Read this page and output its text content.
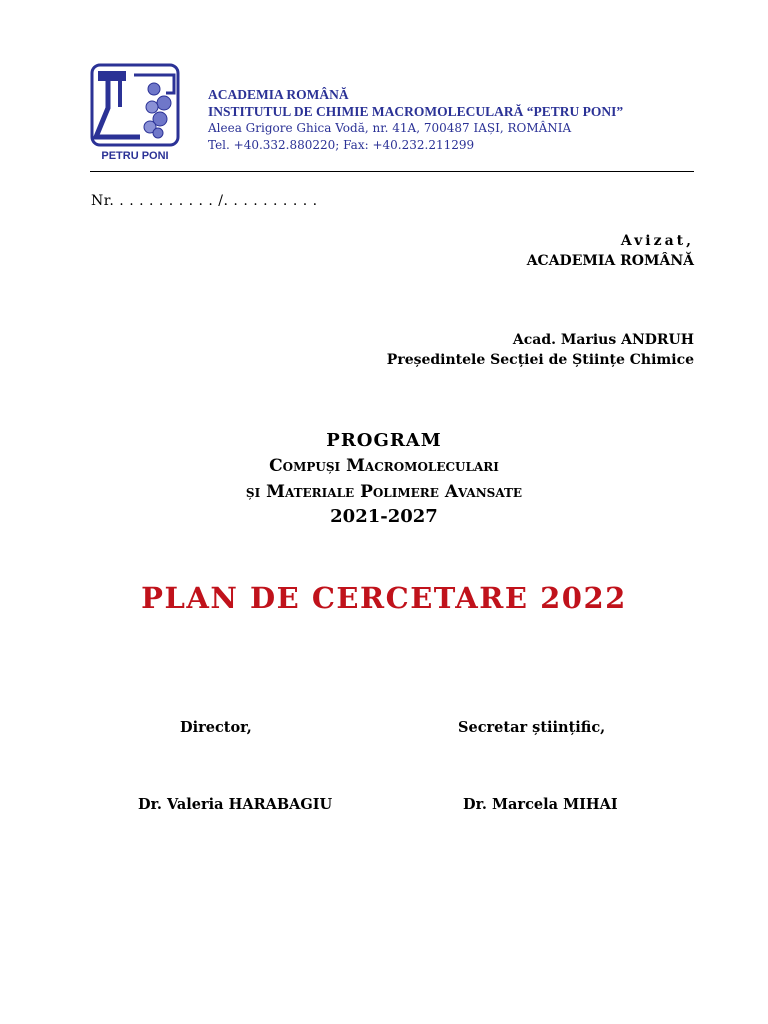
PETRU PONI
ACADEMIA ROMÂNĂ
INSTITUTUL DE CHIMIE MACROMOLECULARĂ “PETRU PONI”
Aleea Grigore Ghica Vodă, nr. 41A, 700487 IAȘI, ROMÂNIA
Tel. +40.332.880220; Fax: +40.232.211299
Nr. . . . . . . . . . . /. . . . . . . . . .
Avizat,
ACADEMIA ROMÂNĂ
Acad. Marius ANDRUH
Președintele Secției de Științe Chimice
PROGRAM
Compuși Macromoleculari
și Materiale Polimere Avansate
2021-2027
PLAN DE CERCETARE 2022
Director,	Secretar științific,
Dr. Valeria HARABAGIU	Dr. Marcela MIHAI
